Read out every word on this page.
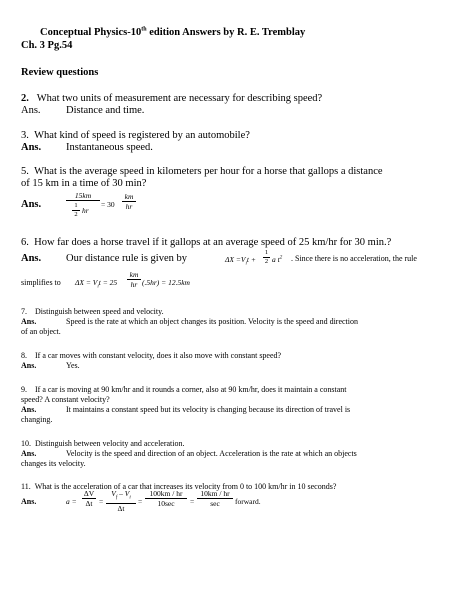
Conceptual Physics-10th edition Answers by R. E. Tremblay
Ch. 3 Pg.54
Review questions
2. What two units of measurement are necessary for describing speed?
Ans. Distance and time.
3. What kind of speed is registered by an automobile?
Ans. Instantaneous speed.
5. What is the average speed in kilometers per hour for a horse that gallops a distance
of 15 km in a time of 30 min?
Ans.
15km
1
2 hr
= 30
km
hr
6. How far does a horse travel if it gallops at an average speed of 25 km/hr for 30 min.?
Ans. Our distance rule is given by	$\Delta X =V_it$ +
1
2 a $t^2$ . Since there is no acceleration, the rule
simplifies to $\Delta X = V_it = 25$
km
hr (.5hr) = 12.5km
7. Distinguish between speed and velocity.
Ans.	Speed is the rate at which an object changes its position. Velocity is the speed and direction
of an object.
8. If a car moves with constant velocity, does it also move with constant speed?
Ans.	Yes.
9. If a car is moving at 90 km/hr and it rounds a corner, also at 90 km/hr, does it maintain a constant
speed? A constant velocity?
Ans.	It maintains a constant speed but its velocity is changing because its direction of travel is
changing.
10. Distinguish between velocity and acceleration.
Ans.	Velocity is the speed and direction of an object. Acceleration is the rate at which an objects
changes its velocity.
11. What is the acceleration of a car that increases its velocity from 0 to 100 km/hr in 10 seconds?
Ans.	a =
ΔV
Δt =
$V_f - V_i$
Δt
=
100km / hr
10sec	=
10km / hr
sec	forward.
